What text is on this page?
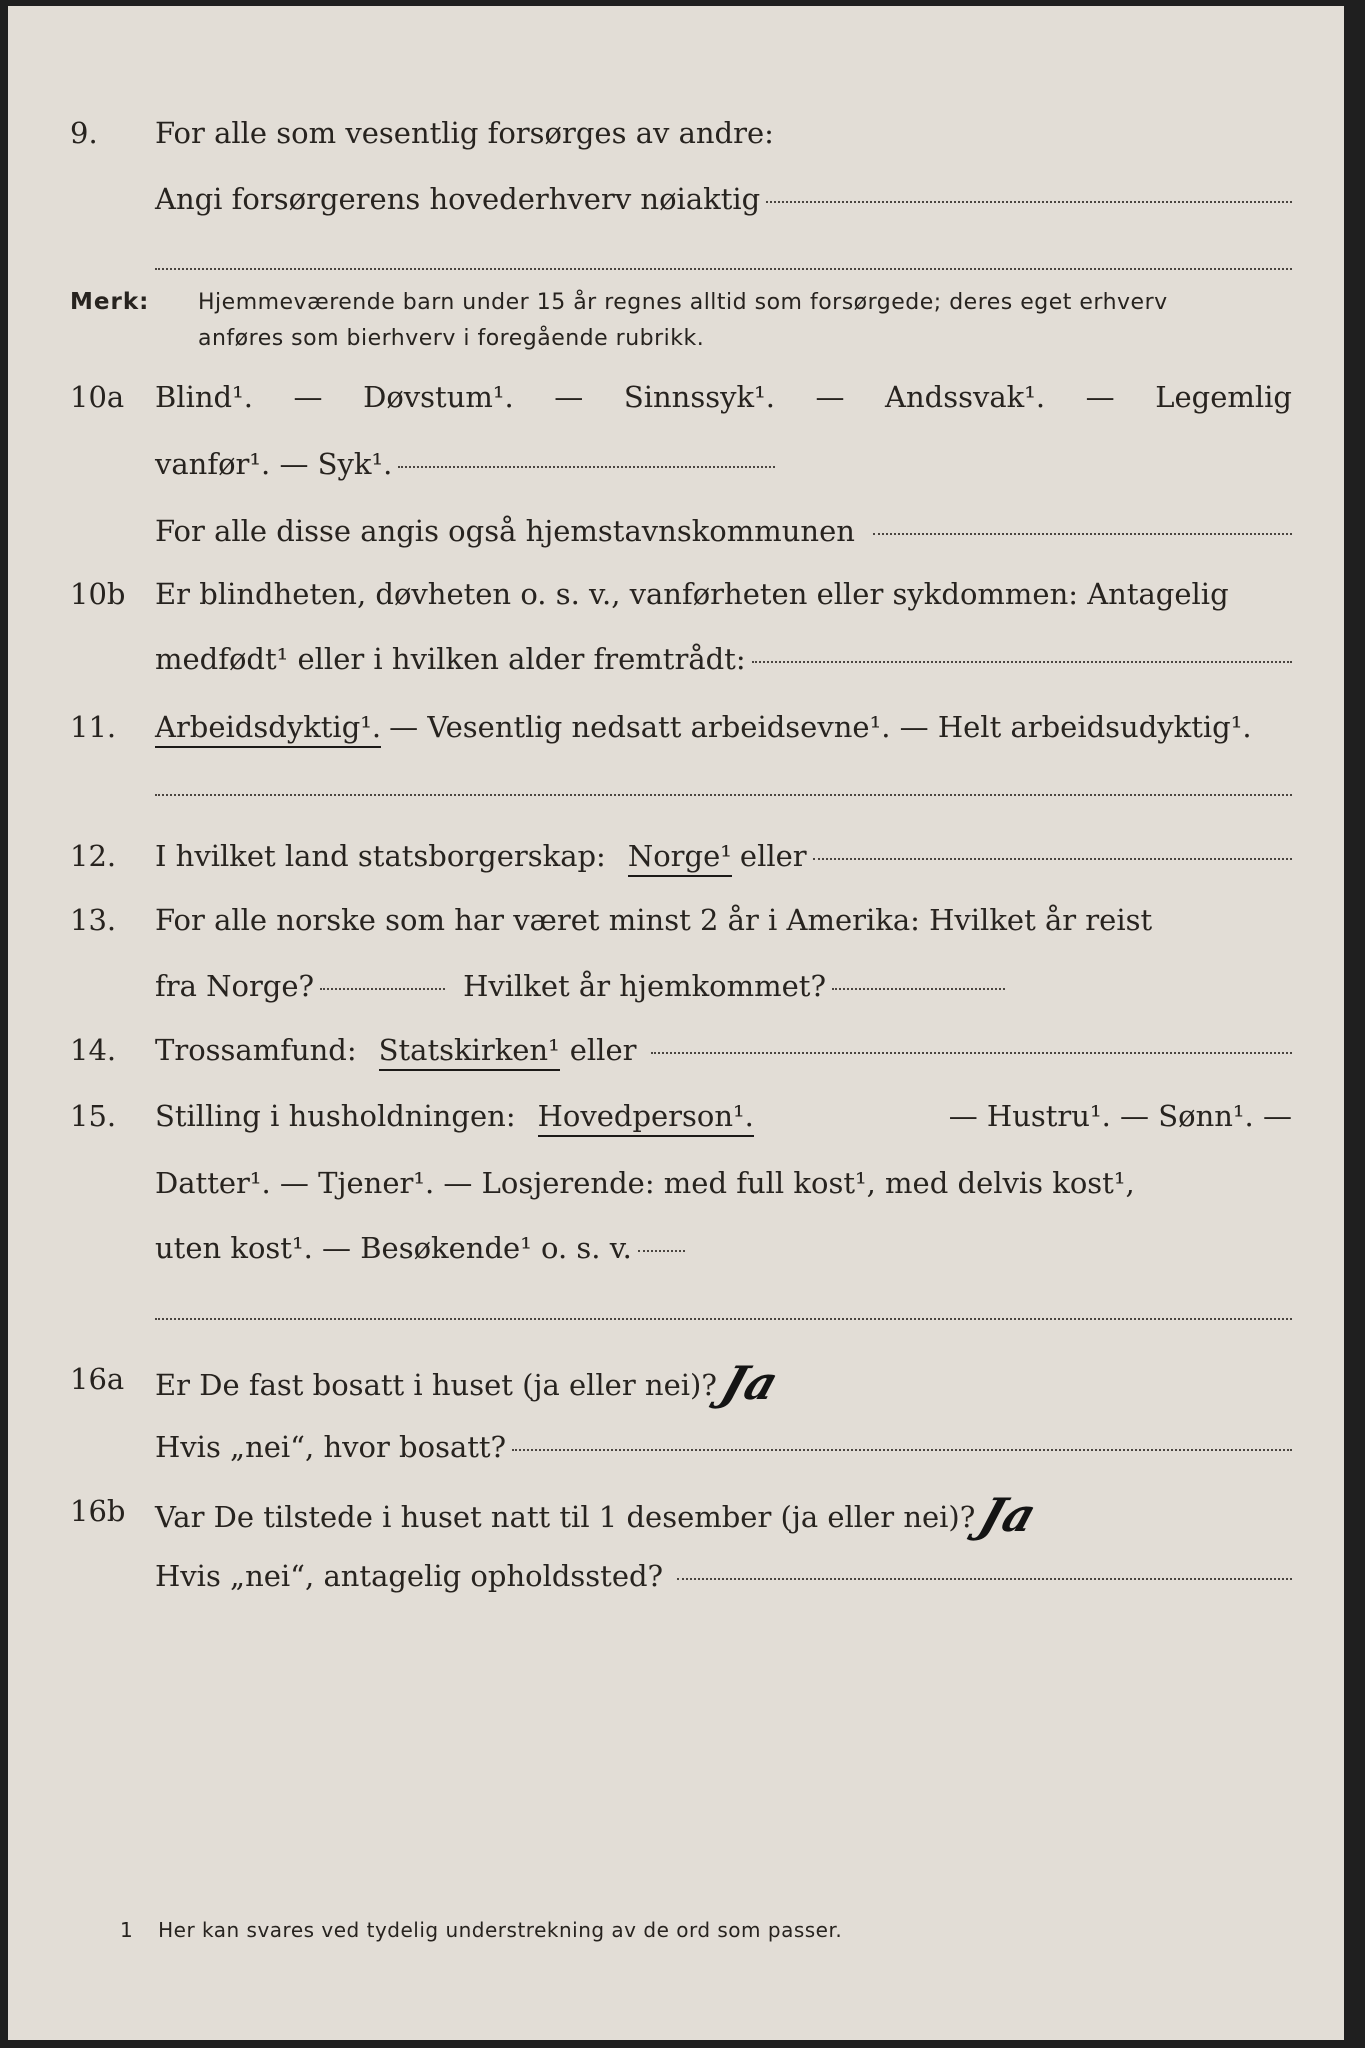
9. For alle som vesentlig forsørges av andre:
Angi forsørgerens hovederhverv nøiaktig
Merk: Hjemmeværende barn under 15 år regnes alltid som forsørgede; deres eget erhverv
anføres som bierhverv i foregående rubrikk.
10a Blind¹. — Døvstum¹. — Sinnssyk¹. — Andssvak¹. — Legemlig
vanfør¹. — Syk¹.
For alle disse angis også hjemstavnskommunen
10b Er blindheten, døvheten o. s. v., vanførheten eller sykdommen: Antagelig
medfødt¹ eller i hvilken alder fremtrådt:
11. Arbeidsdyktig¹. — Vesentlig nedsatt arbeidsevne¹. — Helt arbeidsudyktig¹.
12. I hvilket land statsborgerskap: Norge¹ eller
13. For alle norske som har været minst 2 år i Amerika: Hvilket år reist
fra Norge?	Hvilket år hjemkommet?
14. Trossamfund: Statskirken¹ eller
15. Stilling i husholdningen: Hovedperson¹.	— Hustru¹. — Sønn¹. —
Datter¹. — Tjener¹. — Losjerende: med full kost¹, med delvis kost¹,
uten kost¹. — Besøkende¹ o. s. v.
16a Er De fast bosatt i huset (ja eller nei)?
Ja
Hvis „nei“, hvor bosatt?
16b Var De tilstede i huset natt til 1 desember (ja eller nei)?
Ja
Hvis „nei“, antagelig opholdssted?
1 Her kan svares ved tydelig understrekning av de ord som passer.
